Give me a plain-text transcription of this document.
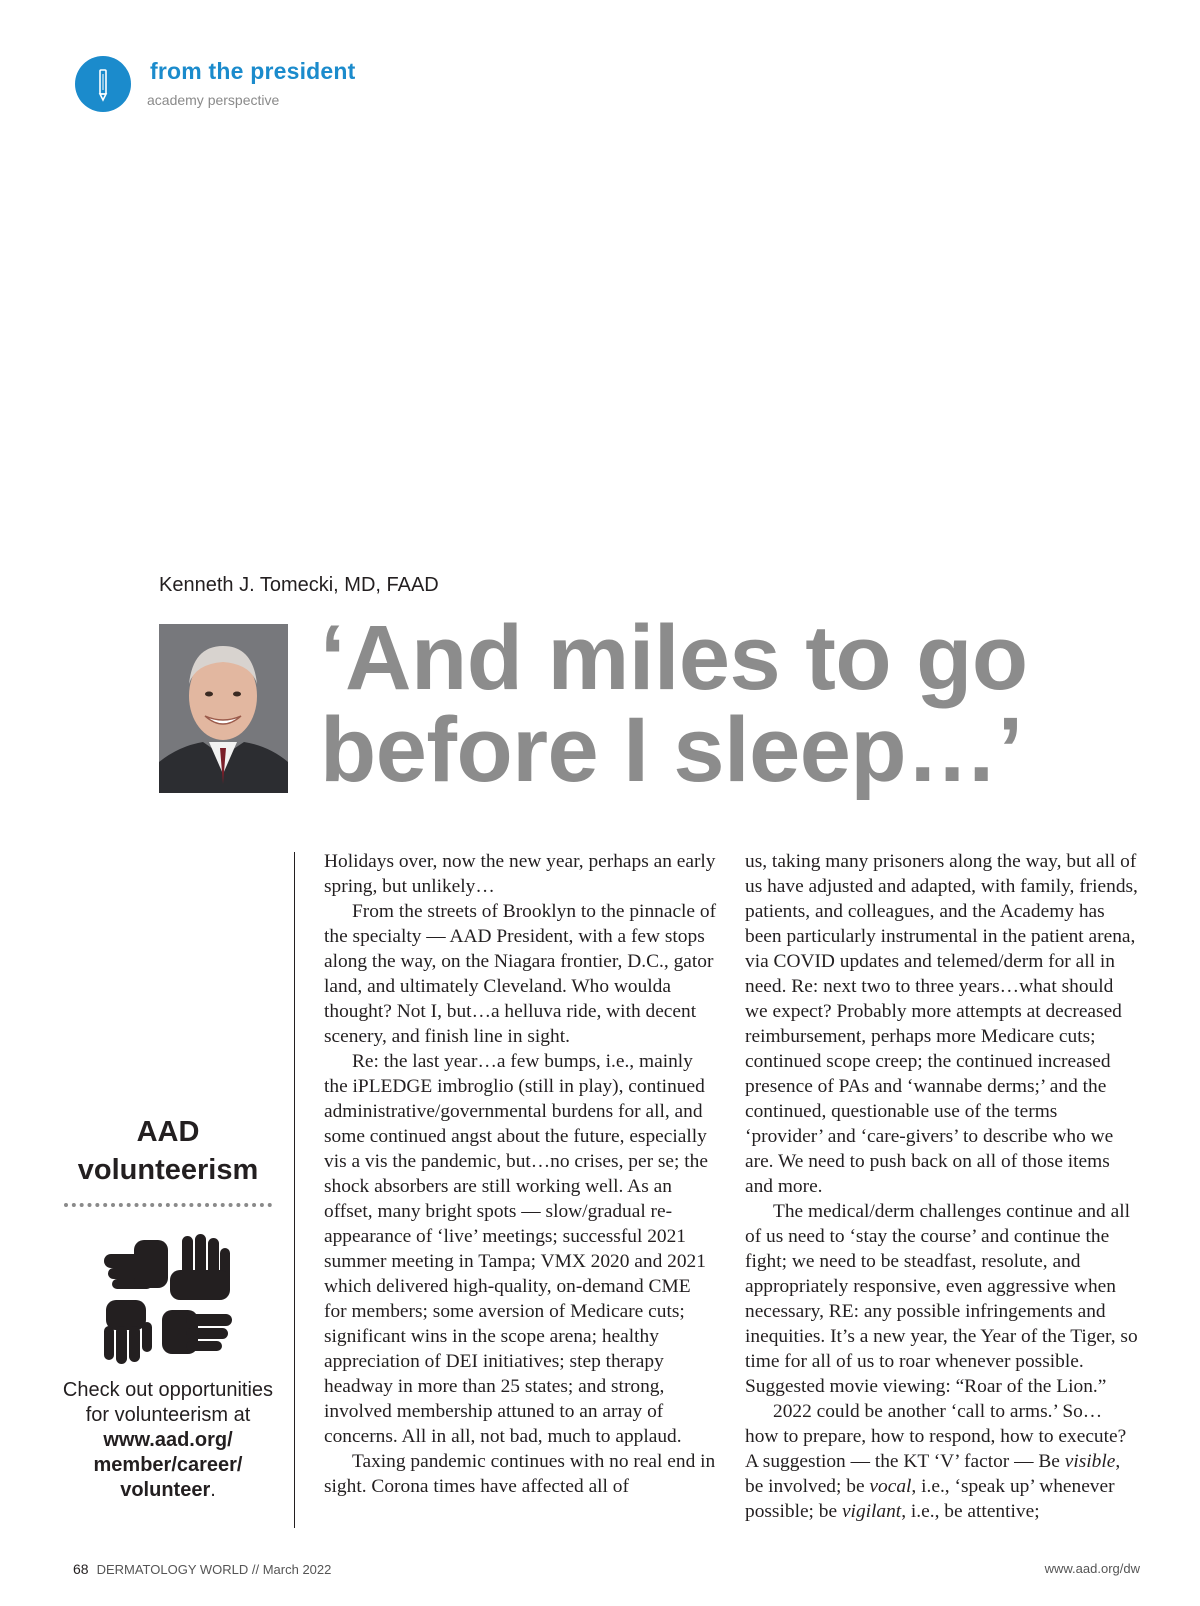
from the president
academy perspective
Kenneth J. Tomecki, MD, FAAD
‘And miles to go before I sleep…’
AAD
volunteerism
Check out opportunities for volunteerism at www.aad.org/ member/career/ volunteer.

Holidays over, now the new year, perhaps an early spring, but unlikely…

From the streets of Brooklyn to the pinnacle of the specialty — AAD President, with a few stops along the way, on the Niagara frontier, D.C., gator land, and ultimately Cleveland. Who woulda thought? Not I, but…a helluva ride, with decent scenery, and finish line in sight.

Re: the last year…a few bumps, i.e., mainly the iPLEDGE imbroglio (still in play), continued administrative/governmental burdens for all, and some continued angst about the future, especially vis a vis the pandemic, but…no crises, per se; the shock absorbers are still working well. As an offset, many bright spots — slow/gradual re-appearance of ‘live’ meetings; successful 2021 summer meeting in Tampa; VMX 2020 and 2021 which delivered high-quality, on-demand CME for members; some aversion of Medicare cuts; significant wins in the scope arena; healthy appreciation of DEI initiatives; step therapy headway in more than 25 states; and strong, involved membership attuned to an array of concerns. All in all, not bad, much to applaud.

Taxing pandemic continues with no real end in sight. Corona times have affected all of

us, taking many prisoners along the way, but all of us have adjusted and adapted, with family, friends, patients, and colleagues, and the Academy has been particularly instrumental in the patient arena, via COVID updates and telemed/derm for all in need. Re: next two to three years…what should we expect? Probably more attempts at decreased reimbursement, perhaps more Medicare cuts; continued scope creep; the continued increased presence of PAs and ‘wannabe derms;’ and the continued, questionable use of the terms ‘provider’ and ‘care-givers’ to describe who we are. We need to push back on all of those items and more.

The medical/derm challenges continue and all of us need to ‘stay the course’ and continue the fight; we need to be steadfast, resolute, and appropriately responsive, even aggressive when necessary, RE: any possible infringements and inequities. It’s a new year, the Year of the Tiger, so time for all of us to roar whenever possible. Suggested movie viewing: “Roar of the Lion.”

2022 could be another ‘call to arms.’ So… how to prepare, how to respond, how to execute? A suggestion — the KT ‘V’ factor — Be visible, be involved; be vocal, i.e., ‘speak up’ whenever possible; be vigilant, i.e., be attentive;

68 DERMATOLOGY WORLD // March 2022	www.aad.org/dw
